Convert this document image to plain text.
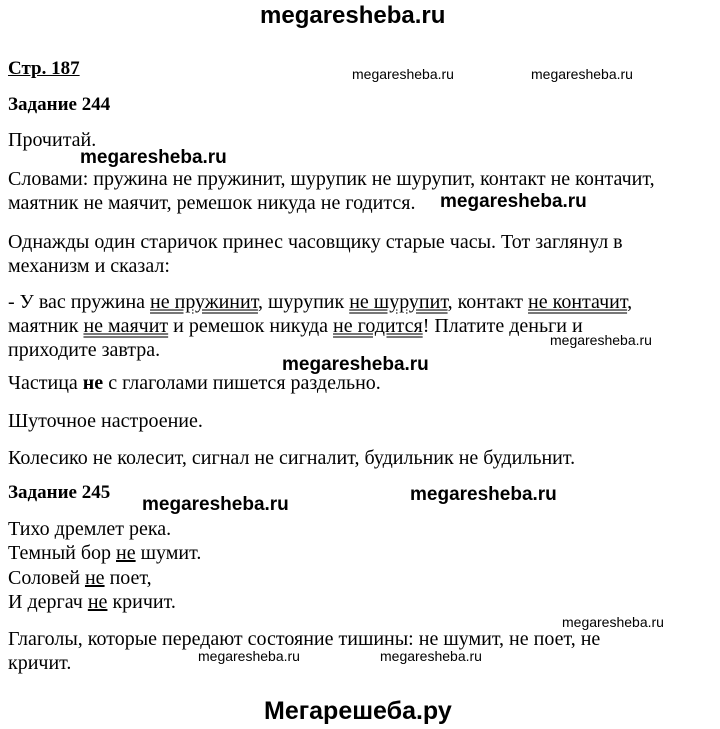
megaresheba.ru
Стр. 187	megaresheba.ru	megaresheba.ru
Задание 244
Прочитай.
megaresheba.ru
Словами: пружина не пружинит, шурупик не шурупит, контакт не контачит,
маятник не маячит, ремешок никуда не годится. megaresheba.ru
Однажды один старичок принес часовщику старые часы. Тот заглянул в
механизм и сказал:
- У вас пружина не пружинит, шурупик не шурупит, контакт не контачит,
маятник не маячит и ремешок никуда не годится! Платите деньги и
megaresheba.ru
приходите завтра.
megaresheba.ru
Частица не с глаголами пишется раздельно.
Шуточное настроение.
Колесико не колесит, сигнал не сигналит, будильник не будильнит.
Задание 245
megaresheba.ru	megaresheba.ru
Тихо дремлет река.
Темный бор не шумит.
Соловей не поет,
И дергач не кричит.
megaresheba.ru
Глаголы, которые передают состояние тишины: не шумит, не поет, не
megaresheba.ru	megaresheba.ru
кричит.
Мегарешеба.ру
